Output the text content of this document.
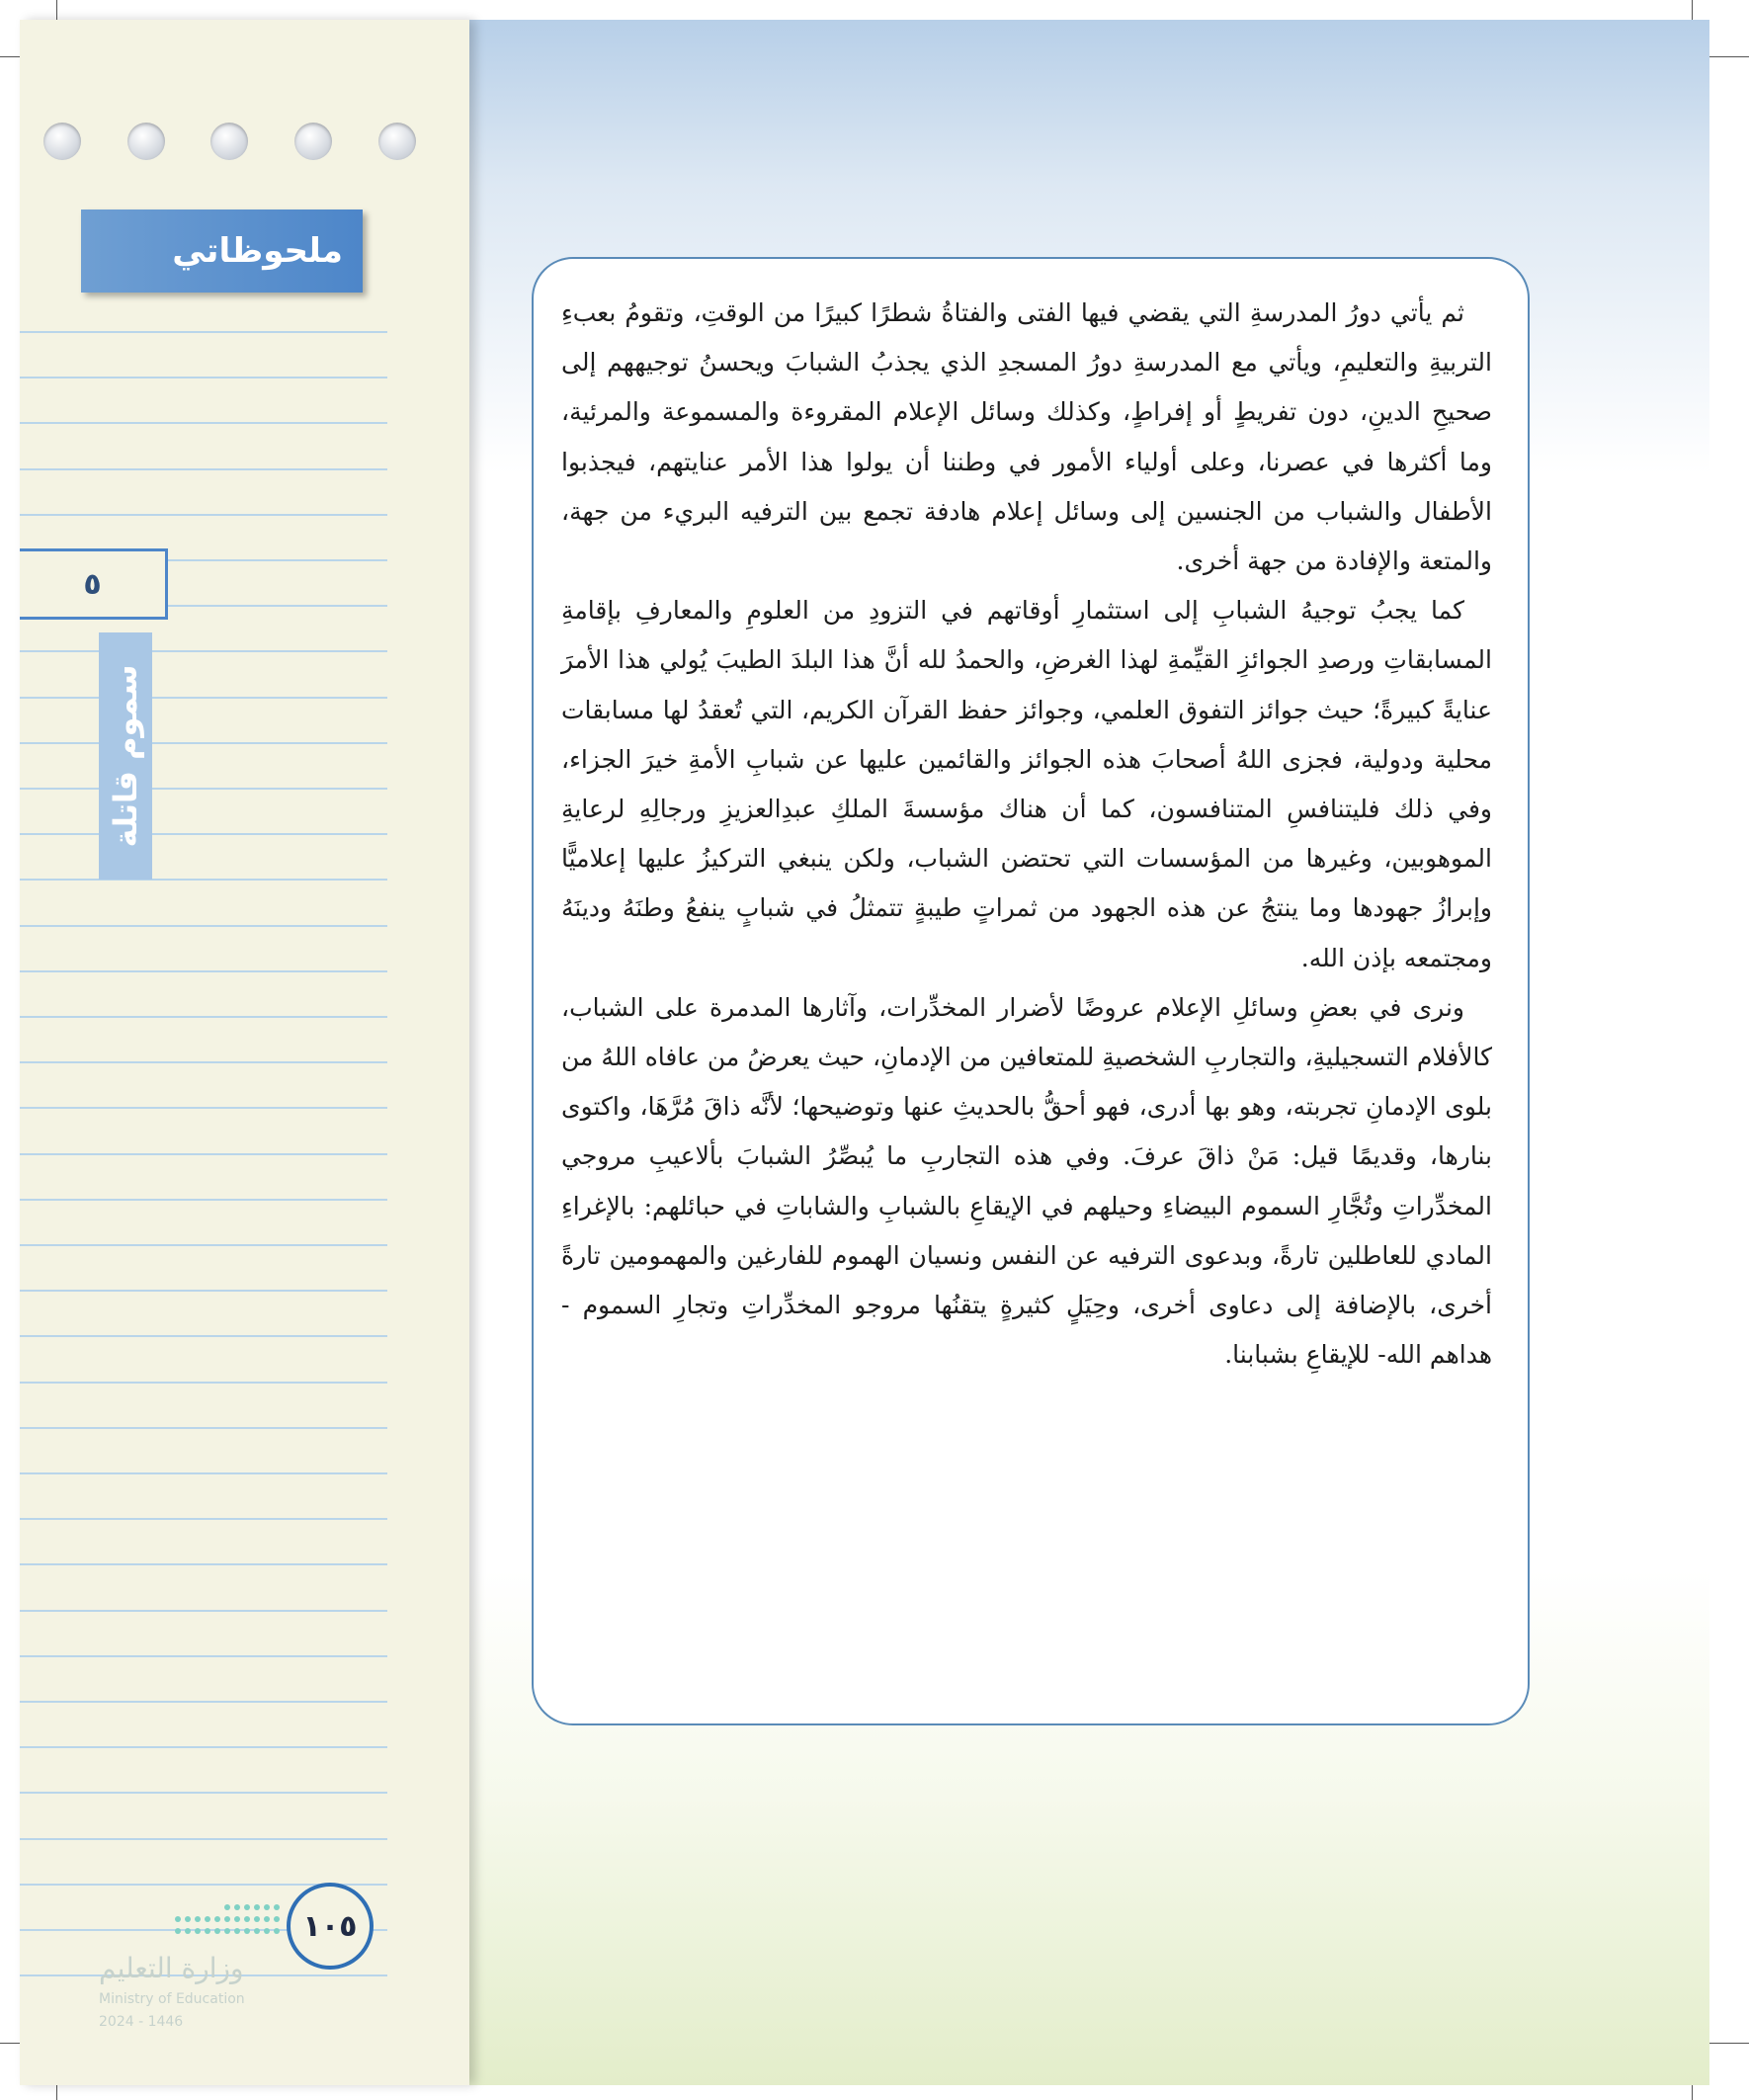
ملحوظاتي
٥
سموم قاتلة

ثم يأتي دورُ المدرسةِ التي يقضي فيها الفتى والفتاةُ شطرًا كبيرًا من الوقتِ، وتقومُ بعبءِ التربيةِ والتعليمِ، ويأتي مع المدرسةِ دورُ المسجدِ الذي يجذبُ الشبابَ ويحسنُ توجيههم إلى صحيحِ الدينِ، دون تفريطٍ أو إفراطٍ، وكذلك وسائل الإعلام المقروءة والمسموعة والمرئية، وما أكثرها في عصرنا، وعلى أولياء الأمور في وطننا أن يولوا هذا الأمر عنايتهم، فيجذبوا الأطفال والشباب من الجنسين إلى وسائل إعلام هادفة تجمع بين الترفيه البريء من جهة، والمتعة والإفادة من جهة أخرى.

كما يجبُ توجيهُ الشبابِ إلى استثمارِ أوقاتهم في التزودِ من العلومِ والمعارفِ بإقامةِ المسابقاتِ ورصدِ الجوائزِ القيِّمةِ لهذا الغرضِ، والحمدُ لله أنَّ هذا البلدَ الطيبَ يُولي هذا الأمرَ عنايةً كبيرةً؛ حيث جوائز التفوق العلمي، وجوائز حفظ القرآن الكريم، التي تُعقدُ لها مسابقات محلية ودولية، فجزى اللهُ أصحابَ هذه الجوائز والقائمين عليها عن شبابِ الأمةِ خيرَ الجزاء، وفي ذلك فليتنافسِ المتنافسون، كما أن هناك مؤسسةَ الملكِ عبدِالعزيزِ ورجالِهِ لرعايةِ الموهوبين، وغيرها من المؤسسات التي تحتضن الشباب، ولكن ينبغي التركيزُ عليها إعلاميًّا وإبرازُ جهودها وما ينتجُ عن هذه الجهود من ثمراتٍ طيبةٍ تتمثلُ في شبابٍ ينفعُ وطنَهُ ودينَهُ ومجتمعه بإذن الله.

ونرى في بعضِ وسائلِ الإعلام عروضًا لأضرار المخدِّرات، وآثارها المدمرة على الشباب، كالأفلام التسجيليةِ، والتجاربِ الشخصيةِ للمتعافين من الإدمانِ، حيث يعرضُ من عافاه اللهُ من بلوى الإدمانِ تجربته، وهو بها أدرى، فهو أحقُّ بالحديثِ عنها وتوضيحها؛ لأنَّه ذاقَ مُرَّهَا، واكتوى بنارها، وقديمًا قيل: مَنْ ذاقَ عرفَ. وفي هذه التجاربِ ما يُبصِّرُ الشبابَ بألاعيبِ مروجي المخدِّراتِ وتُجَّارِ السموم البيضاءِ وحيلهم في الإيقاعِ بالشبابِ والشاباتِ في حبائلهم: بالإغراءِ المادي للعاطلين تارةً، وبدعوى الترفيه عن النفس ونسيان الهموم للفارغين والمهمومين تارةً أخرى، بالإضافة إلى دعاوى أخرى، وحِيَلٍ كثيرةٍ يتقنُها مروجو المخدِّراتِ وتجارِ السموم - هداهم الله- للإيقاعِ بشبابنا.

١٠٥
وزارة التعليم
Ministry of Education
2024 - 1446
